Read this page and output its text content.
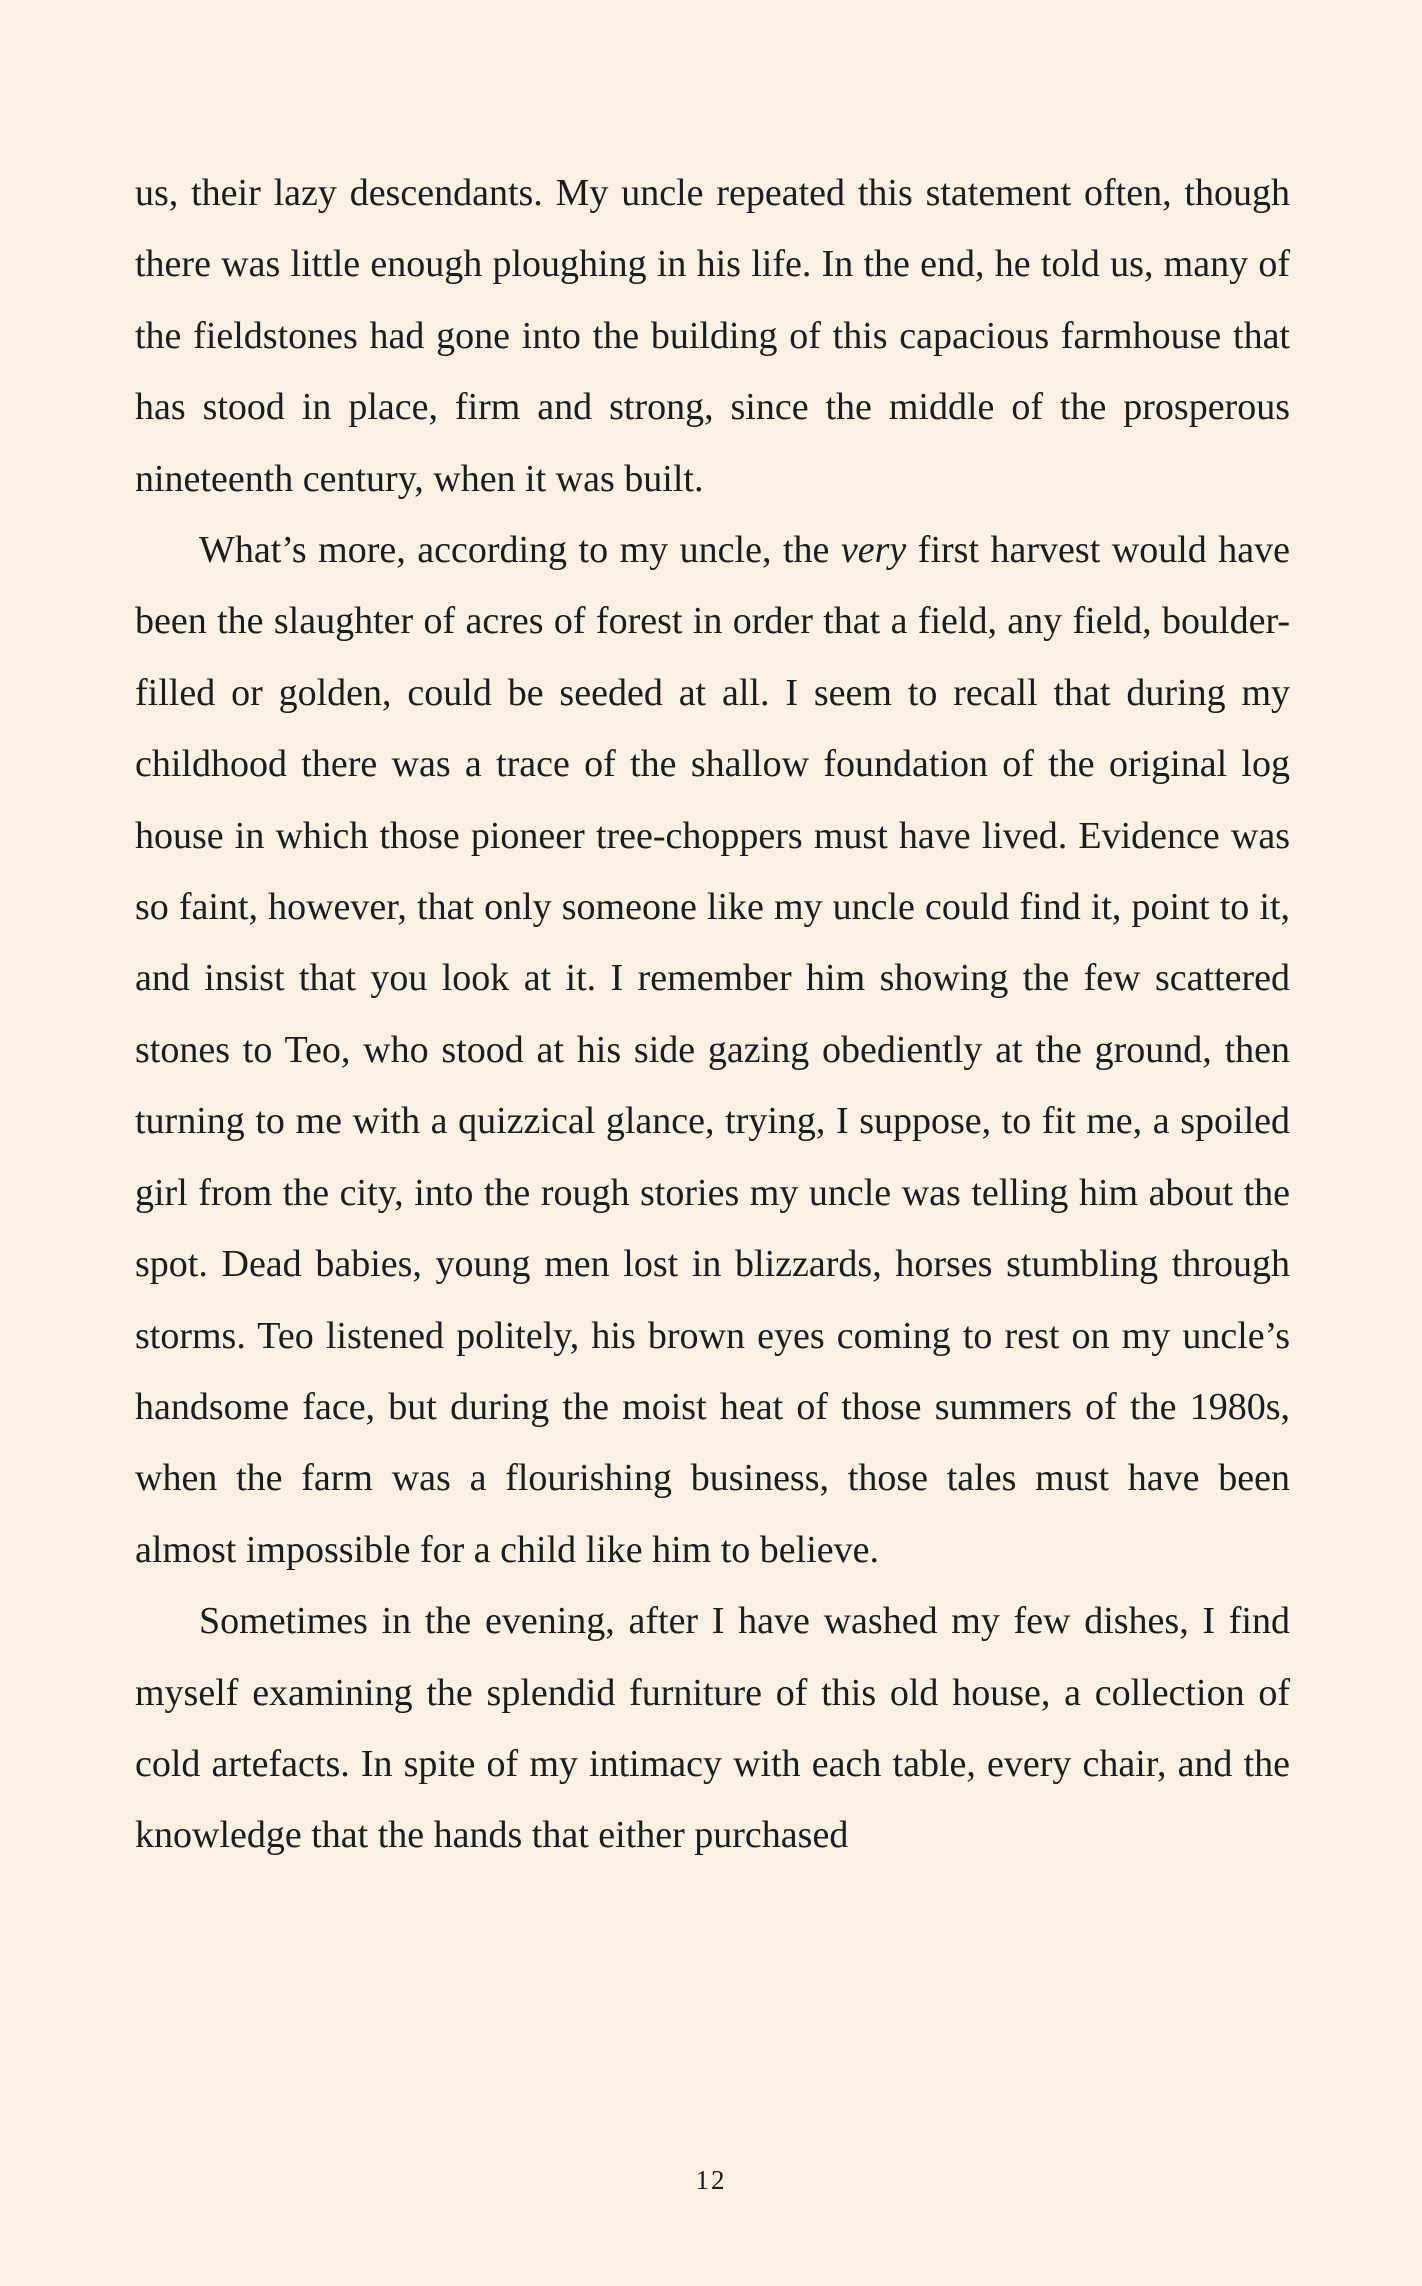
us, their lazy descendants. My uncle repeated this statement often, though there was little enough ploughing in his life. In the end, he told us, many of the fieldstones had gone into the building of this capacious farmhouse that has stood in place, firm and strong, since the middle of the prosperous nineteenth century, when it was built.

What’s more, according to my uncle, the very first harvest would have been the slaughter of acres of forest in order that a field, any field, boulder-filled or golden, could be seeded at all. I seem to recall that during my childhood there was a trace of the shallow foundation of the original log house in which those pioneer tree-choppers must have lived. Evidence was so faint, however, that only someone like my uncle could find it, point to it, and insist that you look at it. I remember him showing the few scattered stones to Teo, who stood at his side gazing obediently at the ground, then turning to me with a quizzical glance, trying, I suppose, to fit me, a spoiled girl from the city, into the rough stories my uncle was telling him about the spot. Dead babies, young men lost in blizzards, horses stumbling through storms. Teo listened politely, his brown eyes coming to rest on my uncle’s handsome face, but during the moist heat of those summers of the 1980s, when the farm was a flourishing business, those tales must have been almost impossible for a child like him to believe.

Sometimes in the evening, after I have washed my few dishes, I find myself examining the splendid furniture of this old house, a collection of cold artefacts. In spite of my intimacy with each table, every chair, and the knowledge that the hands that either purchased

12
